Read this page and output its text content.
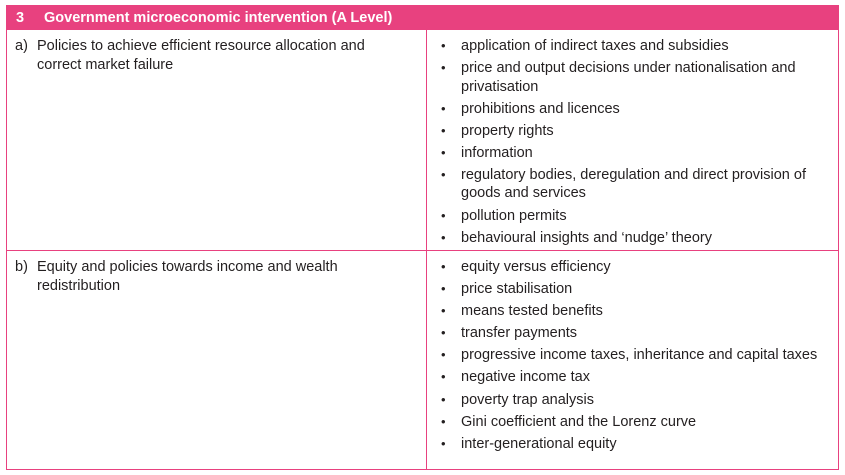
3	Government microeconomic intervention (A Level)
a) Policies to achieve efficient resource allocation and correct market failure
•	application of indirect taxes and subsidies
•	price and output decisions under nationalisation and privatisation
•	prohibitions and licences
•	property rights
•	information
•	regulatory bodies, deregulation and direct provision of goods and services
•	pollution permits
•	behavioural insights and ‘nudge’ theory
b) Equity and policies towards income and wealth redistribution
•	equity versus efficiency
•	price stabilisation
•	means tested benefits
•	transfer payments
•	progressive income taxes, inheritance and capital taxes
•	negative income tax
•	poverty trap analysis
•	Gini coefficient and the Lorenz curve
•	inter-generational equity
